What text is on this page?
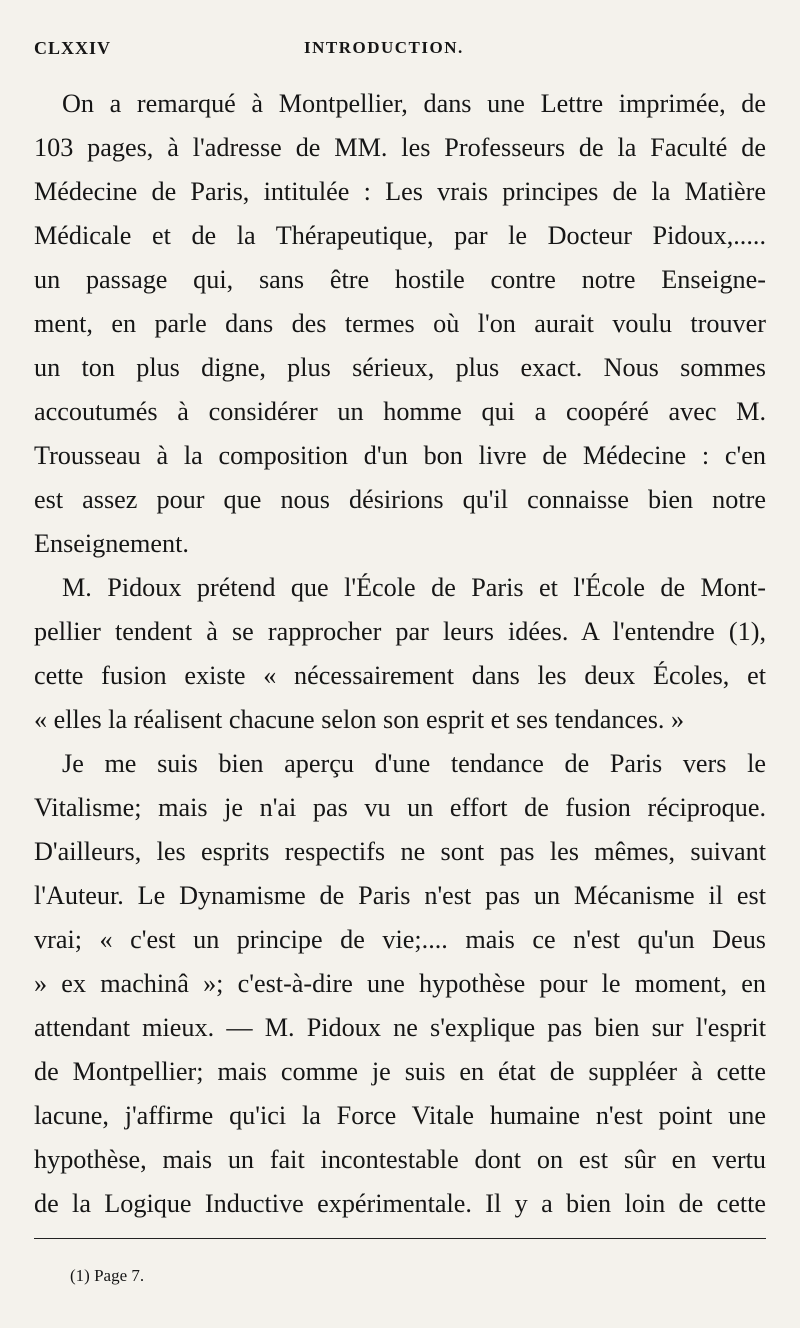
CLXXIV	INTRODUCTION.

On a remarqué à Montpellier, dans une Lettre imprimée, de
103 pages, à l'adresse de MM. les Professeurs de la Faculté de
Médecine de Paris, intitulée : Les vrais principes de la Matière
Médicale et de la Thérapeutique, par le Docteur Pidoux,.....
un passage qui, sans être hostile contre notre Enseigne-
ment, en parle dans des termes où l'on aurait voulu trouver
un ton plus digne, plus sérieux, plus exact. Nous sommes
accoutumés à considérer un homme qui a coopéré avec M.
Trousseau à la composition d'un bon livre de Médecine : c'en
est assez pour que nous désirions qu'il connaisse bien notre
Enseignement.

M. Pidoux prétend que l'École de Paris et l'École de Mont-
pellier tendent à se rapprocher par leurs idées. A l'entendre (1),
cette fusion existe « nécessairement dans les deux Écoles, et
« elles la réalisent chacune selon son esprit et ses tendances. »

Je me suis bien aperçu d'une tendance de Paris vers le
Vitalisme; mais je n'ai pas vu un effort de fusion réciproque.
D'ailleurs, les esprits respectifs ne sont pas les mêmes, suivant
l'Auteur. Le Dynamisme de Paris n'est pas un Mécanisme il est
vrai; « c'est un principe de vie;.... mais ce n'est qu'un Deus
» ex machinâ »; c'est-à-dire une hypothèse pour le moment, en
attendant mieux. — M. Pidoux ne s'explique pas bien sur l'esprit
de Montpellier; mais comme je suis en état de suppléer à cette
lacune, j'affirme qu'ici la Force Vitale humaine n'est point une
hypothèse, mais un fait incontestable dont on est sûr en vertu
de la Logique Inductive expérimentale. Il y a bien loin de cette

(1) Page 7.
